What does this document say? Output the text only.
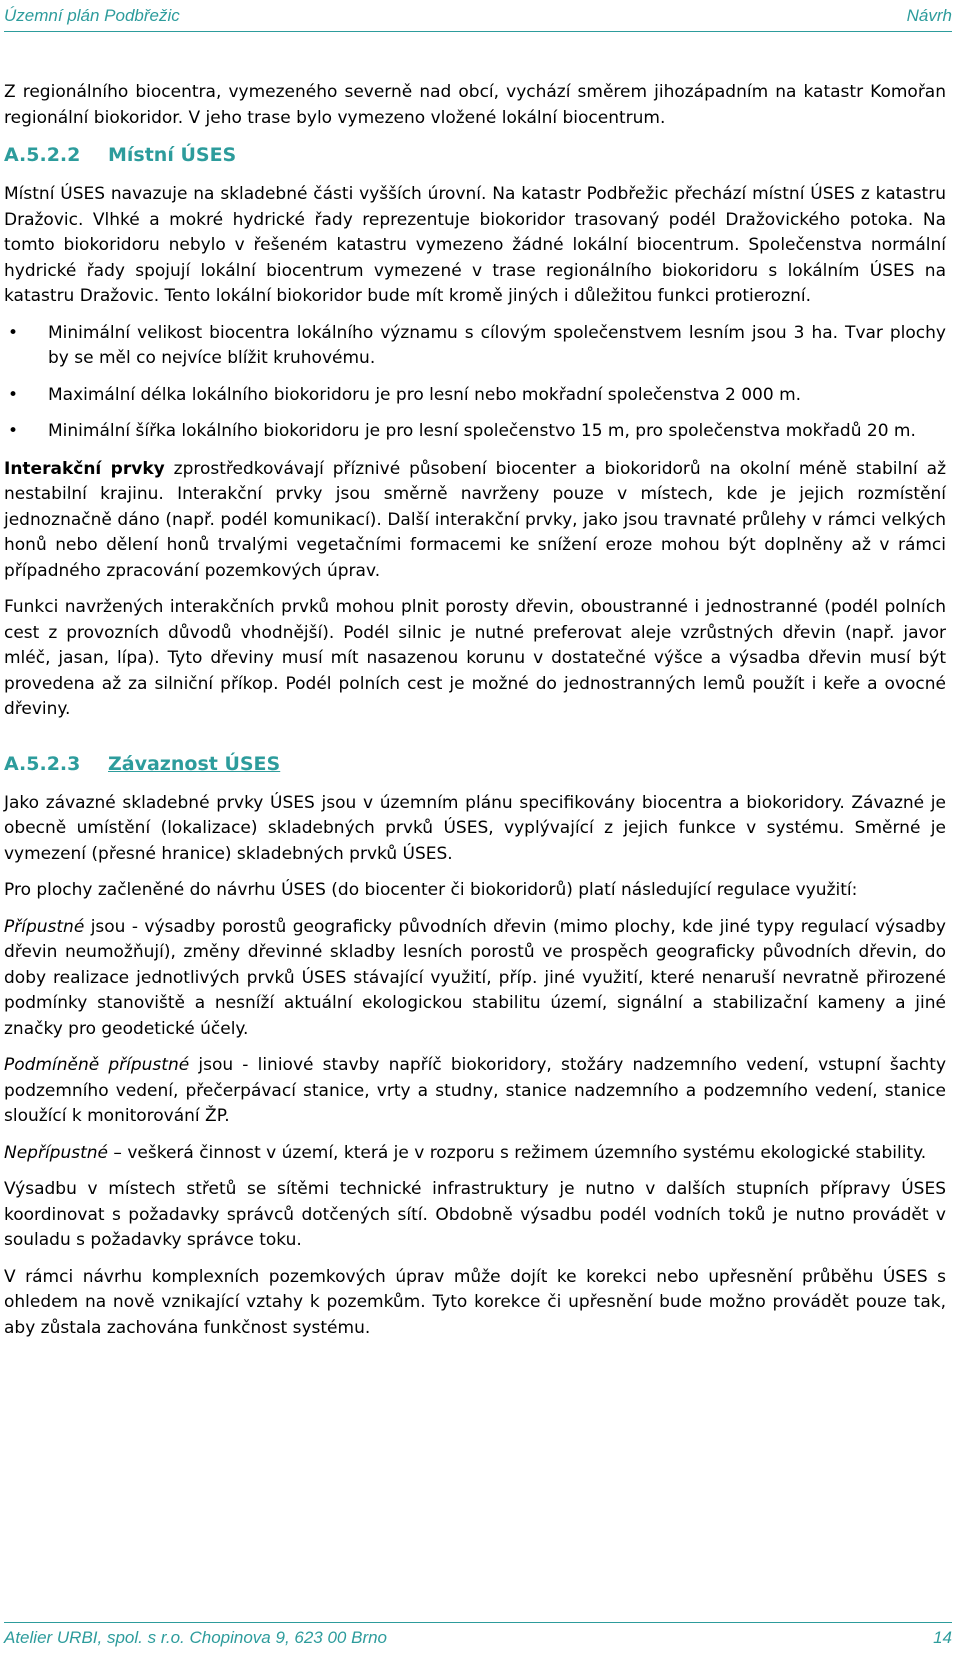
Územní plán Podbřežic	Návrh

Z regionálního biocentra, vymezeného severně nad obcí, vychází směrem jihozápadním na katastr Komořan regionální biokoridor. V jeho trase bylo vymezeno vložené lokální biocentrum.

A.5.2.2	Místní ÚSES

Místní ÚSES navazuje na skladebné části vyšších úrovní. Na katastr Podbřežic přechází místní ÚSES z katastru Dražovic. Vlhké a mokré hydrické řady reprezentuje biokoridor trasovaný podél Dražovického potoka. Na tomto biokoridoru nebylo v řešeném katastru vymezeno žádné lokální biocentrum. Společenstva normální hydrické řady spojují lokální biocentrum vymezené v trase regionálního biokoridoru s lokálním ÚSES na katastru Dražovic. Tento lokální biokoridor bude mít kromě jiných i důležitou funkci protierozní.

• Minimální velikost biocentra lokálního významu s cílovým společenstvem lesním jsou 3 ha. Tvar plochy by se měl co nejvíce blížit kruhovému.
• Maximální délka lokálního biokoridoru je pro lesní nebo mokřadní společenstva 2 000 m.
• Minimální šířka lokálního biokoridoru je pro lesní společenstvo 15 m, pro společenstva mokřadů 20 m.

Interakční prvky zprostředkovávají příznivé působení biocenter a biokoridorů na okolní méně stabilní až nestabilní krajinu. Interakční prvky jsou směrně navrženy pouze v místech, kde je jejich rozmístění jednoznačně dáno (např. podél komunikací). Další interakční prvky, jako jsou travnaté průlehy v rámci velkých honů nebo dělení honů trvalými vegetačními formacemi ke snížení eroze mohou být doplněny až v rámci případného zpracování pozemkových úprav.

Funkci navržených interakčních prvků mohou plnit porosty dřevin, oboustranné i jednostranné (podél polních cest z provozních důvodů vhodnější). Podél silnic je nutné preferovat aleje vzrůstných dřevin (např. javor mléč, jasan, lípa). Tyto dřeviny musí mít nasazenou korunu v dostatečné výšce a výsadba dřevin musí být provedena až za silniční příkop. Podél polních cest je možné do jednostranných lemů použít i keře a ovocné dřeviny.

A.5.2.3	Závaznost ÚSES

Jako závazné skladebné prvky ÚSES jsou v územním plánu specifikovány biocentra a biokoridory. Závazné je obecně umístění (lokalizace) skladebných prvků ÚSES, vyplývající z jejich funkce v systému. Směrné je vymezení (přesné hranice) skladebných prvků ÚSES.

Pro plochy začleněné do návrhu ÚSES (do biocenter či biokoridorů) platí následující regulace využití:

Přípustné jsou - výsadby porostů geograficky původních dřevin (mimo plochy, kde jiné typy regulací výsadby dřevin neumožňují), změny dřevinné skladby lesních porostů ve prospěch geograficky původních dřevin, do doby realizace jednotlivých prvků ÚSES stávající využití, příp. jiné využití, které nenaruší nevratně přirozené podmínky stanoviště a nesníží aktuální ekologickou stabilitu území, signální a stabilizační kameny a jiné značky pro geodetické účely.

Podmíněně přípustné jsou - liniové stavby napříč biokoridory, stožáry nadzemního vedení, vstupní šachty podzemního vedení, přečerpávací stanice, vrty a studny, stanice nadzemního a podzemního vedení, stanice sloužící k monitorování ŽP.

Nepřípustné – veškerá činnost v území, která je v rozporu s režimem územního systému ekologické stability.

Výsadbu v místech střetů se sítěmi technické infrastruktury je nutno v dalších stupních přípravy ÚSES koordinovat s požadavky správců dotčených sítí. Obdobně výsadbu podél vodních toků je nutno provádět v souladu s požadavky správce toku.

V rámci návrhu komplexních pozemkových úprav může dojít ke korekci nebo upřesnění průběhu ÚSES s ohledem na nově vznikající vztahy k pozemkům. Tyto korekce či upřesnění bude možno provádět pouze tak, aby zůstala zachována funkčnost systému.

Atelier URBI, spol. s r.o. Chopinova 9, 623 00 Brno	14
